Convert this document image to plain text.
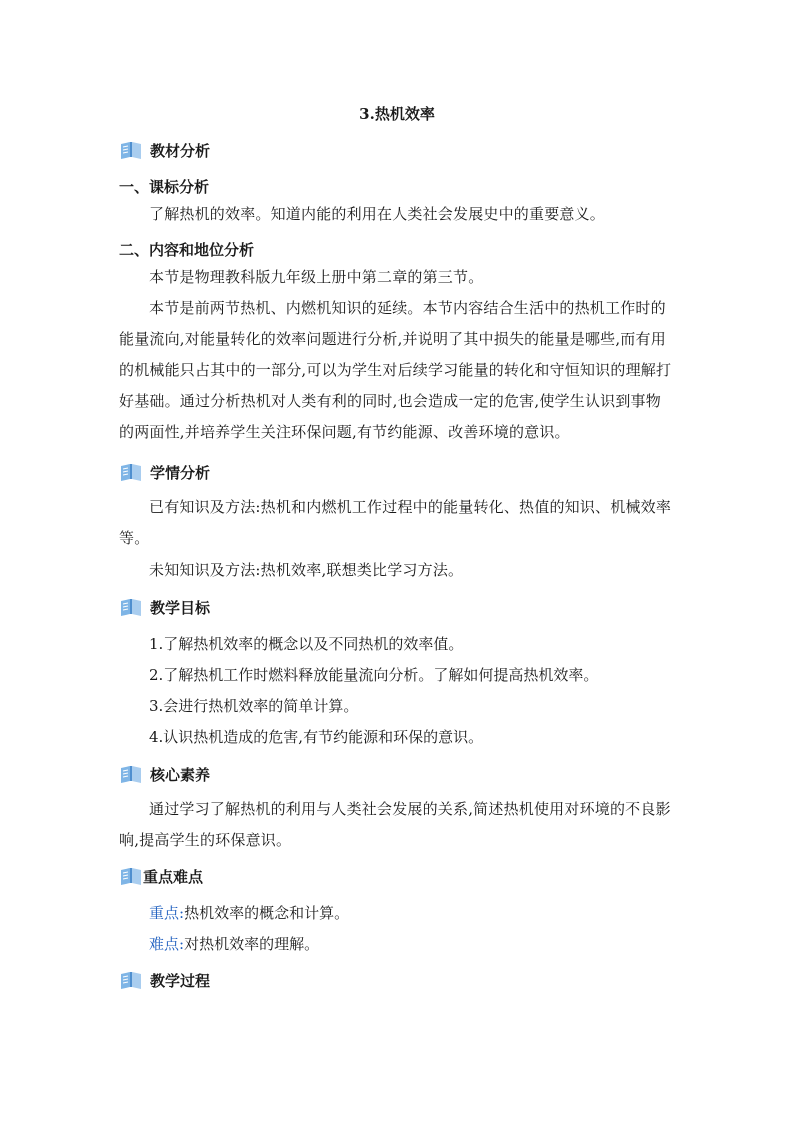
3.热机效率
教材分析
一、课标分析
了解热机的效率。知道内能的利用在人类社会发展史中的重要意义。
二、内容和地位分析
本节是物理教科版九年级上册中第二章的第三节。
本节是前两节热机、内燃机知识的延续。本节内容结合生活中的热机工作时的能量流向,对能量转化的效率问题进行分析,并说明了其中损失的能量是哪些,而有用的机械能只占其中的一部分,可以为学生对后续学习能量的转化和守恒知识的理解打好基础。通过分析热机对人类有利的同时,也会造成一定的危害,使学生认识到事物的两面性,并培养学生关注环保问题,有节约能源、改善环境的意识。
学情分析
已有知识及方法:热机和内燃机工作过程中的能量转化、热值的知识、机械效率等。
未知知识及方法:热机效率,联想类比学习方法。
教学目标
1.了解热机效率的概念以及不同热机的效率值。
2.了解热机工作时燃料释放能量流向分析。了解如何提高热机效率。
3.会进行热机效率的简单计算。
4.认识热机造成的危害,有节约能源和环保的意识。
核心素养
通过学习了解热机的利用与人类社会发展的关系,简述热机使用对环境的不良影响,提高学生的环保意识。
重点难点
重点:热机效率的概念和计算。
难点:对热机效率的理解。
教学过程
